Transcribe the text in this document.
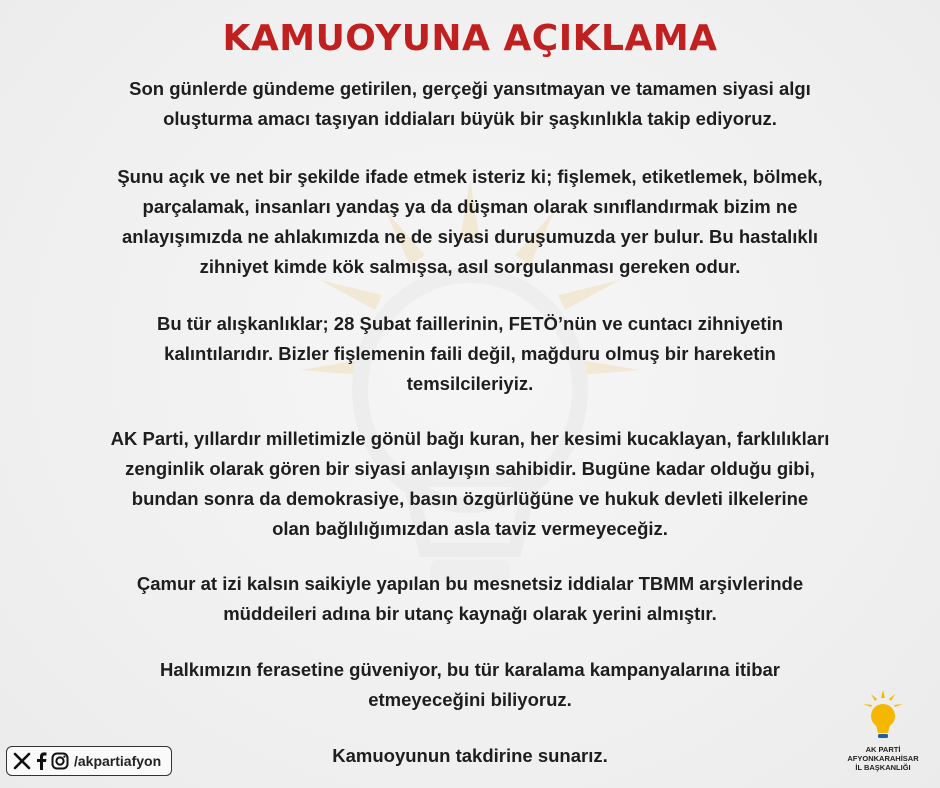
KAMUOYUNA AÇIKLAMA
Son günlerde gündeme getirilen, gerçeği yansıtmayan ve tamamen siyasi algı
oluşturma amacı taşıyan iddiaları büyük bir şaşkınlıkla takip ediyoruz.
Şunu açık ve net bir şekilde ifade etmek isteriz ki; fişlemek, etiketlemek, bölmek,
parçalamak, insanları yandaş ya da düşman olarak sınıflandırmak bizim ne
anlayışımızda ne ahlakımızda ne de siyasi duruşumuzda yer bulur. Bu hastalıklı
zihniyet kimde kök salmışsa, asıl sorgulanması gereken odur.
Bu tür alışkanlıklar; 28 Şubat faillerinin, FETÖ’nün ve cuntacı zihniyetin
kalıntılarıdır. Bizler fişlemenin faili değil, mağduru olmuş bir hareketin
temsilcileriyiz.
AK Parti, yıllardır milletimizle gönül bağı kuran, her kesimi kucaklayan, farklılıkları
zenginlik olarak gören bir siyasi anlayışın sahibidir. Bugüne kadar olduğu gibi,
bundan sonra da demokrasiye, basın özgürlüğüne ve hukuk devleti ilkelerine
olan bağlılığımızdan asla taviz vermeyeceğiz.
Çamur at izi kalsın saikiyle yapılan bu mesnetsiz iddialar TBMM arşivlerinde
müddeileri adına bir utanç kaynağı olarak yerini almıştır.
Halkımızın ferasetine güveniyor, bu tür karalama kampanyalarına itibar
etmeyeceğini biliyoruz.
Kamuoyunun takdirine sunarız.
/akpartiafyon
AK PARTİ
AFYONKARAHİSAR
İL BAŞKANLIĞI
